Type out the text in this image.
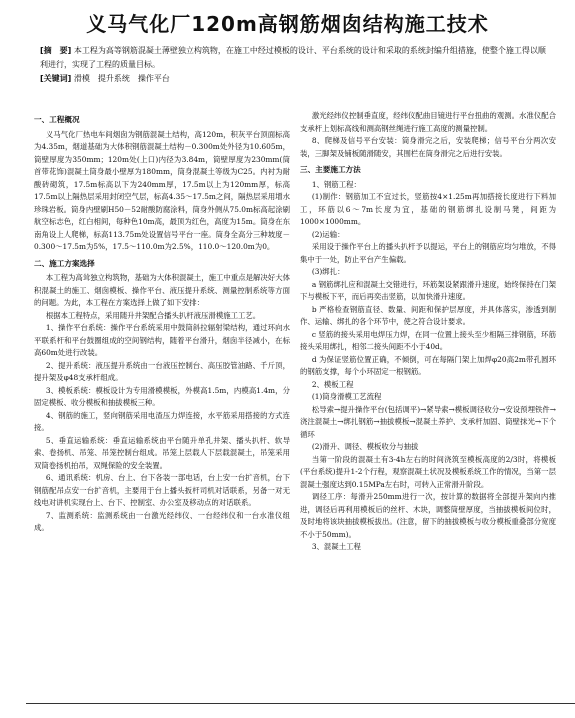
义马气化厂120m高钢筋烟囱结构施工技术
[摘　要] 本工程为高等钢筋混凝土薄壁独立构筑物，在施工中经过模板的设计、平台系统的设计和采取的系统封编升组措施，使整个施工得以顺利进行，实现了工程的质量目标。
[关键词] 滑模　提升系统　操作平台
一、工程概况

义马气化厂热电车间烟囱为钢筋混凝土结构，高120m，积灰平台顶面标高为4.35m，烟道基础为大体积钢筋混凝土结构－0.300m处外径为10.605m，筒壁厚度为350mm；120m处(上口)内径为3.84m，筒壁厚度为230mm(筒首带花饰)混凝土筒身最小壁厚为180mm，筒身混凝土等级为C25。内衬为耐酸砖砌筑，17.5m标高以下为240mm厚，17.5m以上为120mm厚，标高17.5m以上隔热层采用封闭空气层，标高4.35～17.5m之间，隔热层采用增水珍珠岩板。筒身内壁刷H50－52耐酸防腐涂料，筒身外侧从75.0m标高起涂刷航空标志色，红白相间，每种色10m高，最顶为红色，高度为15m。筒身在东南角设上人爬梯，标高113.75m处设置信号平台一座。筒身全高分三种坡度－0.300～17.5m为5%，17.5～110.0m为2.5%，110.0～120.0m为0。

二、施工方案选择

本工程为高耸独立构筑物，基础为大体积混凝土，施工中重点是解决好大体积混凝土的施工、烟囱模板、操作平台、液压提升系统、测量控制系统等方面的问题。为此，本工程在方案选择上做了如下安排：

根据本工程特点，采用随升井架配合播头扒杆液压滑模施工工艺。

1、操作平台系统：操作平台系统采用中鼓筒斜拉辐射梁结构，通过环向水平联系杆和平台鼓圈组成的空间钢结构，随着平台滑升，烟囱半径减小，在标高60m处进行改装。

2、提升系统：液压提升系统由一台液压控制台、高压胶管油路、千斤顶，提升架及φ48支承杆组成。

3、模板系统：模板设计为专用滑模模板，外模高1.5m，内模高1.4m，分固定模板、收分模板和抽拔模板三种。

4、钢筋的施工，竖向钢筋采用电渣压力焊连接，水平筋采用搭接的方式连接。

5、垂直运输系统：垂直运输系统由平台随升单孔井架、播头扒杆、软导索、卷扬机、吊笼、吊笼控制台组成。吊笼上层载人下层载混凝土，吊笼采用双筒卷扬机拍吊，双绳保险的安全装置。

6、通讯系统：机房、台上、台下各装一部电话，台上安一台扩音机，台下钢筋配吊点安一台扩音机，主要用于台上播头扳杆司机对话联系，另备一对无线电对讲机实现台上、台下、控制室、办公室及移动点的对话联系。

7、监测系统：监测系统由一台激光经纬仪、一台经纬仪和一台水准仪组成。

激光经纬仪控制垂直度，经纬仪配曲目镜进行平台扭曲的观测。水准仪配合支承杆上划标高线和测高钢丝绳进行施工高度的测量控制。

8、爬梯及信号平台安装：筒身滑完之后，安装爬梯；信号平台分两次安装，三脚架及铺板随滑随安，其围栏在筒身滑完之后进行安装。

三、主要施工方法

1、钢筋工程：

(1)制作：钢筋加工不宜过长，竖筋按4×1.25m再加搭接长度进行下料加工，环筋以6～7m长度为宜，基础的钢筋绑扎设制马凳，间距为1000×1000mm。

(2)运输：

采用设于操作平台上的播头扒杆予以提运，平台上的钢筋应均匀堆放，不得集中于一处，防止平台产生偏载。

(3)绑扎：

a 钢筋绑扎应和混凝土交错进行，环筋架设紧跟滑升速度，始终保持在门架下与模板下平，而后再奕击竖筋，以加快滑升速度。

b 严格检查钢筋直径、数量、间距和保护层厚度，并具体落实，渗透到制作、运输、绑扎的各个环节中，使之符合设计要求。

c 竖筋的接头采用电焊压力焊，在同一位置上接头至少相隔三排钢筋，环筋接头采用绑扎，相邻二接头间距不小于40d。

d 为保证竖筋位置正确，不倾倒，可在每隔门架上加焊φ20高2m带孔圆环的钢筋支撑，每个小环固定一根钢筋。

2、模板工程

(1)筒身滑模工艺流程

松导索→提升操作平台(包括调平)→紧导索→模板调径收分→安设预埋铁件→浇注混凝土→绑扎钢筋→抽拔模板→混凝土养护、支承杆加固、筒壁抹光→下个循环

(2)滑升、调径、模板收分与抽拔

当第一阶段的混凝土有3-4h左右的时间浇筑至模板高度的2/3时，将模板(平台系统)提升1-2个行程，观察混凝土状况及模板系统工作的情况，当第一层混凝土强度达到0.15MPa左右时，可转入正常滑升阶段。

调径工序：每滑升250mm进行一次，按计算的数据将全部提升架向内推进，调径后再利用模板后的丝杆、木块，调整筒壁厚度，当抽拔模板间位时，及时地将该块抽拔模板拔出。(注意，留下的抽拔模板与收分模板重叠部分宽度不小于50mm)。

3、混凝土工程
